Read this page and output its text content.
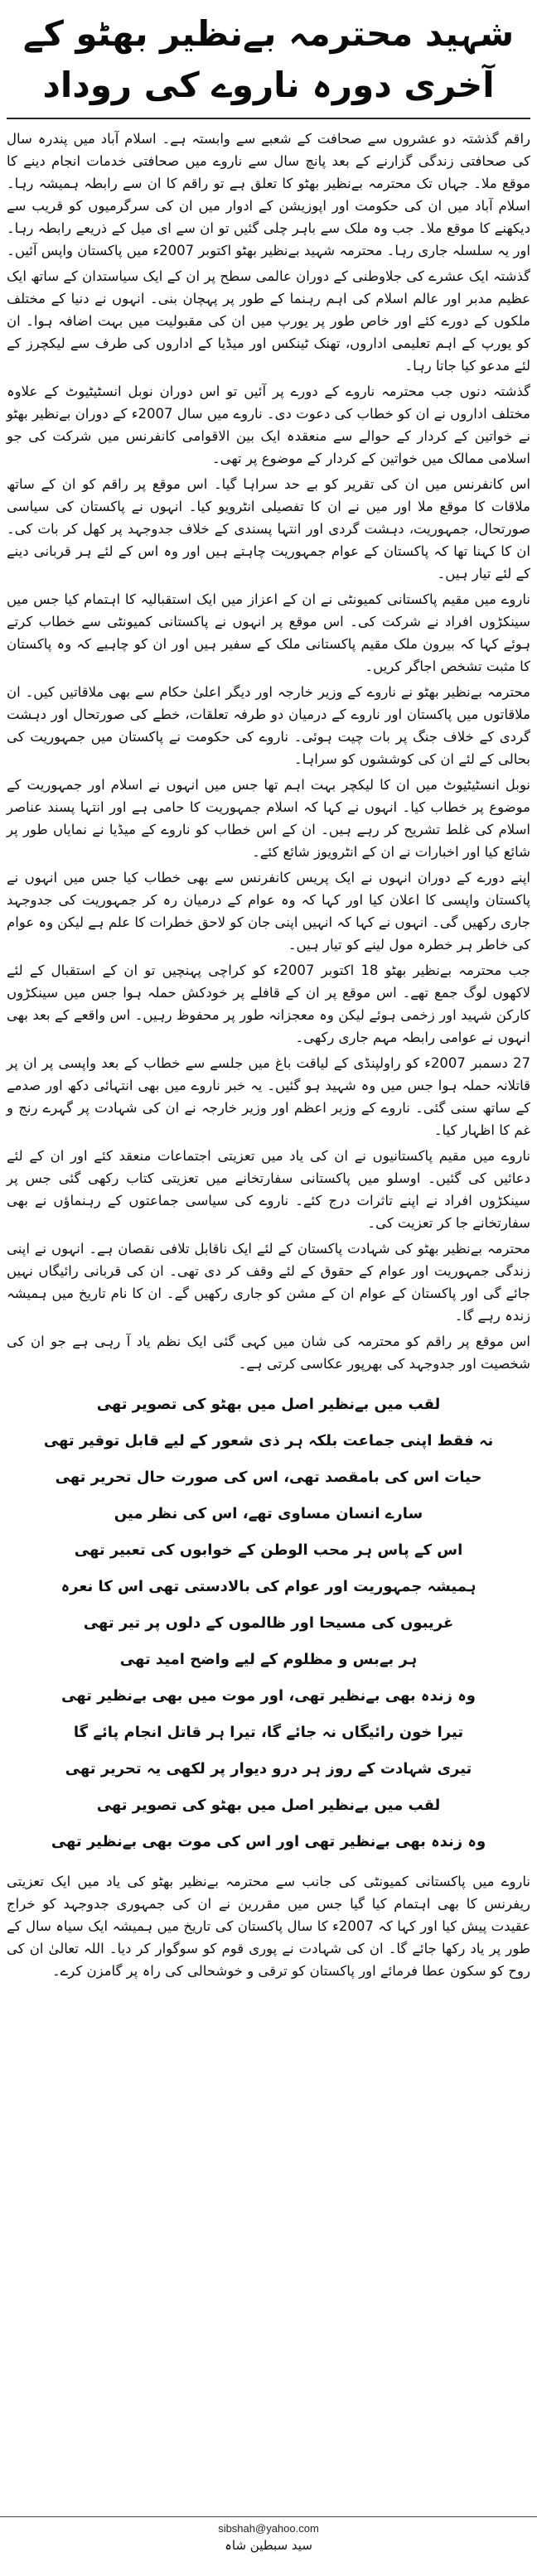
شہید محترمہ بےنظیر بھٹو کے آخری دورہ ناروے کی روداد

راقم گذشتہ دو عشروں سے صحافت کے شعبے سے وابستہ ہے۔ اسلام آباد میں پندرہ سال کی صحافتی زندگی گزارنے کے بعد پانچ سال سے ناروے میں صحافتی خدمات انجام دینے کا موقع ملا۔ جہاں تک محترمہ بےنظیر بھٹو کا تعلق ہے تو راقم کا ان سے رابطہ ہمیشہ رہا۔ اسلام آباد میں ان کی حکومت اور اپوزیشن کے ادوار میں ان کی سرگرمیوں کو قریب سے دیکھنے کا موقع ملا۔ جب وہ ملک سے باہر چلی گئیں تو ان سے ای میل کے ذریعے رابطہ رہا۔ اور یہ سلسلہ جاری رہا۔ محترمہ شہید بےنظیر بھٹو اکتوبر 2007ء میں پاکستان واپس آئیں۔

گذشتہ ایک عشرے کی جلاوطنی کے دوران عالمی سطح پر ان کے ایک سیاستدان کے ساتھ ایک عظیم مدبر اور عالم اسلام کی اہم رہنما کے طور پر پہچان بنی۔ انہوں نے دنیا کے مختلف ملکوں کے دورے کئے اور خاص طور پر یورپ میں ان کی مقبولیت میں بہت اضافہ ہوا۔ ان کو یورپ کے اہم تعلیمی اداروں، تھنک ٹینکس اور میڈیا کے اداروں کی طرف سے لیکچرز کے لئے مدعو کیا جاتا رہا۔

گذشتہ دنوں جب محترمہ ناروے کے دورے پر آئیں تو اس دوران نوبل انسٹیٹیوٹ کے علاوہ مختلف اداروں نے ان کو خطاب کی دعوت دی۔ ناروے میں سال 2007ء کے دوران بےنظیر بھٹو نے خواتین کے کردار کے حوالے سے منعقدہ ایک بین الاقوامی کانفرنس میں شرکت کی جو اسلامی ممالک میں خواتین کے کردار کے موضوع پر تھی۔

اس کانفرنس میں ان کی تقریر کو بے حد سراہا گیا۔ اس موقع پر راقم کو ان کے ساتھ ملاقات کا موقع ملا اور میں نے ان کا تفصیلی انٹرویو کیا۔ انہوں نے پاکستان کی سیاسی صورتحال، جمہوریت، دہشت گردی اور انتہا پسندی کے خلاف جدوجہد پر کھل کر بات کی۔ ان کا کہنا تھا کہ پاکستان کے عوام جمہوریت چاہتے ہیں اور وہ اس کے لئے ہر قربانی دینے کے لئے تیار ہیں۔

ناروے میں مقیم پاکستانی کمیونٹی نے ان کے اعزاز میں ایک استقبالیہ کا اہتمام کیا جس میں سینکڑوں افراد نے شرکت کی۔ اس موقع پر انہوں نے پاکستانی کمیونٹی سے خطاب کرتے ہوئے کہا کہ بیرون ملک مقیم پاکستانی ملک کے سفیر ہیں اور ان کو چاہیے کہ وہ پاکستان کا مثبت تشخص اجاگر کریں۔

محترمہ بےنظیر بھٹو نے ناروے کے وزیر خارجہ اور دیگر اعلیٰ حکام سے بھی ملاقاتیں کیں۔ ان ملاقاتوں میں پاکستان اور ناروے کے درمیان دو طرفہ تعلقات، خطے کی صورتحال اور دہشت گردی کے خلاف جنگ پر بات چیت ہوئی۔ ناروے کی حکومت نے پاکستان میں جمہوریت کی بحالی کے لئے ان کی کوششوں کو سراہا۔

نوبل انسٹیٹیوٹ میں ان کا لیکچر بہت اہم تھا جس میں انہوں نے اسلام اور جمہوریت کے موضوع پر خطاب کیا۔ انہوں نے کہا کہ اسلام جمہوریت کا حامی ہے اور انتہا پسند عناصر اسلام کی غلط تشریح کر رہے ہیں۔ ان کے اس خطاب کو ناروے کے میڈیا نے نمایاں طور پر شائع کیا اور اخبارات نے ان کے انٹرویوز شائع کئے۔

اپنے دورے کے دوران انہوں نے ایک پریس کانفرنس سے بھی خطاب کیا جس میں انہوں نے پاکستان واپسی کا اعلان کیا اور کہا کہ وہ عوام کے درمیان رہ کر جمہوریت کی جدوجہد جاری رکھیں گی۔ انہوں نے کہا کہ انہیں اپنی جان کو لاحق خطرات کا علم ہے لیکن وہ عوام کی خاطر ہر خطرہ مول لینے کو تیار ہیں۔

جب محترمہ بےنظیر بھٹو 18 اکتوبر 2007ء کو کراچی پہنچیں تو ان کے استقبال کے لئے لاکھوں لوگ جمع تھے۔ اس موقع پر ان کے قافلے پر خودکش حملہ ہوا جس میں سینکڑوں کارکن شہید اور زخمی ہوئے لیکن وہ معجزانہ طور پر محفوظ رہیں۔ اس واقعے کے بعد بھی انہوں نے عوامی رابطہ مہم جاری رکھی۔

27 دسمبر 2007ء کو راولپنڈی کے لیاقت باغ میں جلسے سے خطاب کے بعد واپسی پر ان پر قاتلانہ حملہ ہوا جس میں وہ شہید ہو گئیں۔ یہ خبر ناروے میں بھی انتہائی دکھ اور صدمے کے ساتھ سنی گئی۔ ناروے کے وزیر اعظم اور وزیر خارجہ نے ان کی شہادت پر گہرے رنج و غم کا اظہار کیا۔

ناروے میں مقیم پاکستانیوں نے ان کی یاد میں تعزیتی اجتماعات منعقد کئے اور ان کے لئے دعائیں کی گئیں۔ اوسلو میں پاکستانی سفارتخانے میں تعزیتی کتاب رکھی گئی جس پر سینکڑوں افراد نے اپنے تاثرات درج کئے۔ ناروے کی سیاسی جماعتوں کے رہنماؤں نے بھی سفارتخانے جا کر تعزیت کی۔

محترمہ بےنظیر بھٹو کی شہادت پاکستان کے لئے ایک ناقابل تلافی نقصان ہے۔ انہوں نے اپنی زندگی جمہوریت اور عوام کے حقوق کے لئے وقف کر دی تھی۔ ان کی قربانی رائیگاں نہیں جائے گی اور پاکستان کے عوام ان کے مشن کو جاری رکھیں گے۔ ان کا نام تاریخ میں ہمیشہ زندہ رہے گا۔

اس موقع پر راقم کو محترمہ کی شان میں کہی گئی ایک نظم یاد آ رہی ہے جو ان کی شخصیت اور جدوجہد کی بھرپور عکاسی کرتی ہے۔

لقب میں بےنظیر اصل میں بھٹو کی تصویر تھی
نہ فقط اپنی جماعت بلکہ ہر ذی شعور کے لیے قابل توقیر تھی
حیات اس کی بامقصد تھی، اس کی صورت حال تحریر تھی
سارے انسان مساوی تھے، اس کی نظر میں
اس کے پاس ہر محب الوطن کے خوابوں کی تعبیر تھی
ہمیشہ جمہوریت اور عوام کی بالادستی تھی اس کا نعرہ
غریبوں کی مسیحا اور ظالموں کے دلوں پر تیر تھی
ہر بےبس و مظلوم کے لیے واضح امید تھی
وہ زندہ بھی بےنظیر تھی، اور موت میں بھی بےنظیر تھی
تیرا خون رائیگاں نہ جائے گا، تیرا ہر قاتل انجام پائے گا
تیری شہادت کے روز ہر درو دیوار پر لکھی یہ تحریر تھی
لقب میں بےنظیر اصل میں بھٹو کی تصویر تھی
وہ زندہ بھی بےنظیر تھی اور اس کی موت بھی بےنظیر تھی

ناروے میں پاکستانی کمیونٹی کی جانب سے محترمہ بےنظیر بھٹو کی یاد میں ایک تعزیتی ریفرنس کا بھی اہتمام کیا گیا جس میں مقررین نے ان کی جمہوری جدوجہد کو خراج عقیدت پیش کیا اور کہا کہ 2007ء کا سال پاکستان کی تاریخ میں ہمیشہ ایک سیاہ سال کے طور پر یاد رکھا جائے گا۔ ان کی شہادت نے پوری قوم کو سوگوار کر دیا۔ اللہ تعالیٰ ان کی روح کو سکون عطا فرمائے اور پاکستان کو ترقی و خوشحالی کی راہ پر گامزن کرے۔

sibshah@yahoo.com
سید سبطین شاہ
